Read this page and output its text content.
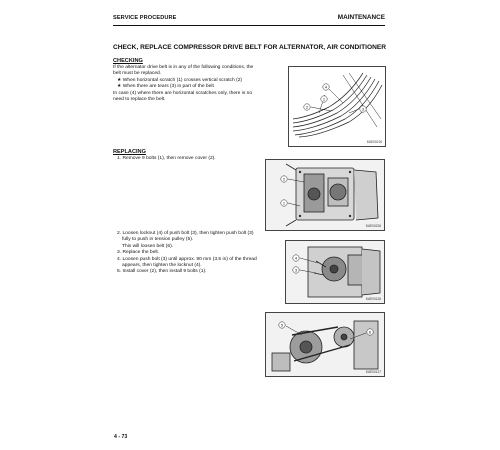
SERVICE PROCEDURE	MAINTENANCE
CHECK, REPLACE COMPRESSOR DRIVE BELT FOR ALTERNATOR, AIR CONDITIONER
CHECKING
If the alternator drive belt is in any of the following conditions, the
belt must be replaced.
★ When horizontal scratch (1) crosses vertical scratch (2)
★ When there are tears (3) in part of the belt
In case (4) where there are horizontal scratches only, there is no
need to replace the belt.
4
2	3
1
8UE00216
REPLACING
1. Remove 9 bolts (1), then remove cover (2).
2
1
8UE00226
2. Loosen locknut (4) of push bolt (3), then tighten push bolt (3)
fully to push in tension pulley (5).
This will loosen belt (6).
3. Replace the belt.
4. Loosen push bolt (3) until approx. 90 mm (3.5 in) of the thread
appears, then tighten the locknut (4).
5. Install cover (2), then install 9 bolts (1).
4
3
8UE00126
5
6
8UE00127
4 - 73
